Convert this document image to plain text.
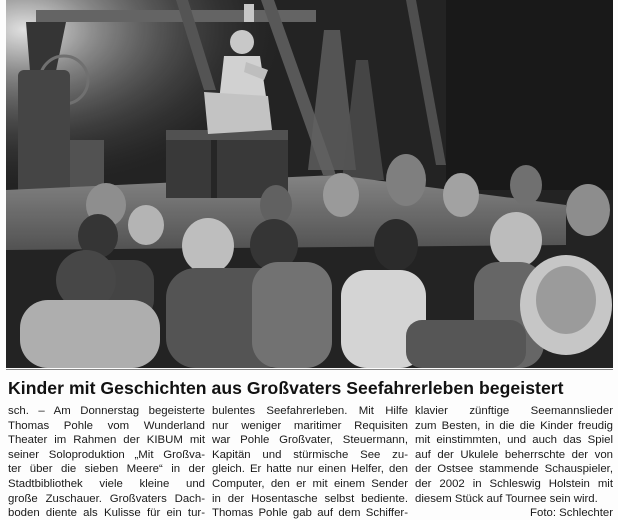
Kinder mit Geschichten aus Großvaters Seefahrerleben begeistert
sch. – Am Donnerstag begeisterte
Thomas Pohle vom Wunderland
Theater im Rahmen der KIBUM mit
seiner Soloproduktion „Mit Großva-
ter über die sieben Meere“ in der
Stadtbibliothek viele kleine und
große Zuschauer. Großvaters Dach-
boden diente als Kulisse für ein tur-
bulentes Seefahrerleben. Mit Hilfe
nur weniger maritimer Requisiten
war Pohle Großvater, Steuermann,
Kapitän und stürmische See zu-
gleich. Er hatte nur einen Helfer, den
Computer, den er mit einem Sender
in der Hosentasche selbst bediente.
Thomas Pohle gab auf dem Schiffer-
klavier zünftige Seemannslieder
zum Besten, in die die Kinder freudig
mit einstimmten, und auch das Spiel
auf der Ukulele beherrschte der von
der Ostsee stammende Schauspieler,
der 2002 in Schleswig Holstein mit
diesem Stück auf Tournee sein wird.
Foto: Schlechter
